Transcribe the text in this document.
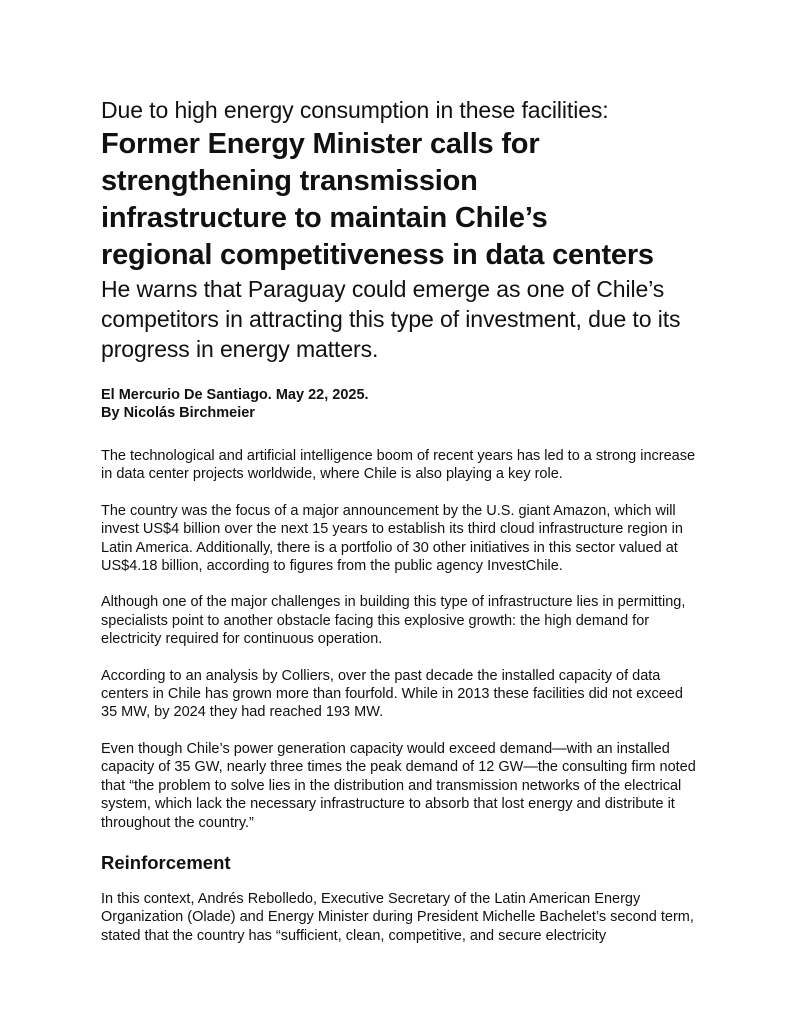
Due to high energy consumption in these facilities:

Former Energy Minister calls for
strengthening transmission
infrastructure to maintain Chile’s
regional competitiveness in data centers

He warns that Paraguay could emerge as one of Chile’s
competitors in attracting this type of investment, due to its
progress in energy matters.

El Mercurio De Santiago. May 22, 2025.
By Nicolás Birchmeier

The technological and artificial intelligence boom of recent years has led to a strong increase in data center projects worldwide, where Chile is also playing a key role.

The country was the focus of a major announcement by the U.S. giant Amazon, which will invest US$4 billion over the next 15 years to establish its third cloud infrastructure region in Latin America. Additionally, there is a portfolio of 30 other initiatives in this sector valued at US$4.18 billion, according to figures from the public agency InvestChile.

Although one of the major challenges in building this type of infrastructure lies in permitting, specialists point to another obstacle facing this explosive growth: the high demand for electricity required for continuous operation.

According to an analysis by Colliers, over the past decade the installed capacity of data centers in Chile has grown more than fourfold. While in 2013 these facilities did not exceed 35 MW, by 2024 they had reached 193 MW.

Even though Chile’s power generation capacity would exceed demand—with an installed capacity of 35 GW, nearly three times the peak demand of 12 GW—the consulting firm noted that “the problem to solve lies in the distribution and transmission networks of the electrical system, which lack the necessary infrastructure to absorb that lost energy and distribute it throughout the country.”

Reinforcement

In this context, Andrés Rebolledo, Executive Secretary of the Latin American Energy Organization (Olade) and Energy Minister during President Michelle Bachelet’s second term, stated that the country has “sufficient, clean, competitive, and secure electricity
